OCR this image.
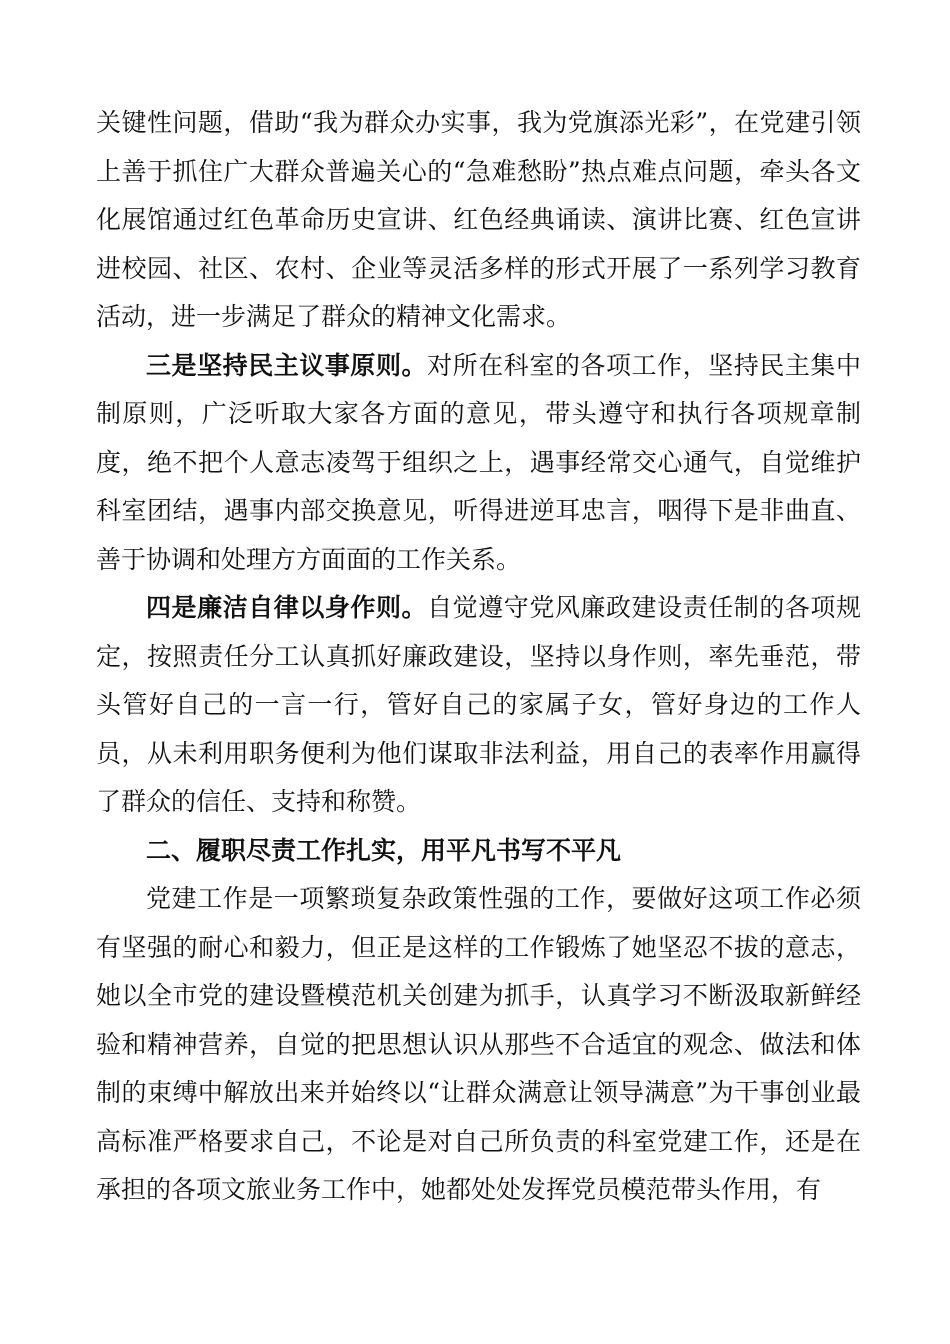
关键性问题，借助“我为群众办实事，我为党旗添光彩”，在党建引领上善于抓住广大群众普遍关心的“急难愁盼”热点难点问题，牵头各文化展馆通过红色革命历史宣讲、红色经典诵读、演讲比赛、红色宣讲进校园、社区、农村、企业等灵活多样的形式开展了一系列学习教育活动，进一步满足了群众的精神文化需求。

三是坚持民主议事原则。对所在科室的各项工作，坚持民主集中制原则，广泛听取大家各方面的意见，带头遵守和执行各项规章制度，绝不把个人意志凌驾于组织之上，遇事经常交心通气，自觉维护科室团结，遇事内部交换意见，听得进逆耳忠言，咽得下是非曲直、善于协调和处理方方面面的工作关系。

四是廉洁自律以身作则。自觉遵守党风廉政建设责任制的各项规定，按照责任分工认真抓好廉政建设，坚持以身作则，率先垂范，带头管好自己的一言一行，管好自己的家属子女，管好身边的工作人员，从未利用职务便利为他们谋取非法利益，用自己的表率作用赢得了群众的信任、支持和称赞。

二、履职尽责工作扎实，用平凡书写不平凡

党建工作是一项繁琐复杂政策性强的工作，要做好这项工作必须有坚强的耐心和毅力，但正是这样的工作锻炼了她坚忍不拔的意志，她以全市党的建设暨模范机关创建为抓手，认真学习不断汲取新鲜经验和精神营养，自觉的把思想认识从那些不合适宜的观念、做法和体制的束缚中解放出来并始终以“让群众满意让领导满意”为干事创业最高标准严格要求自己，不论是对自己所负责的科室党建工作，还是在承担的各项文旅业务工作中，她都处处发挥党员模范带头作用，有
